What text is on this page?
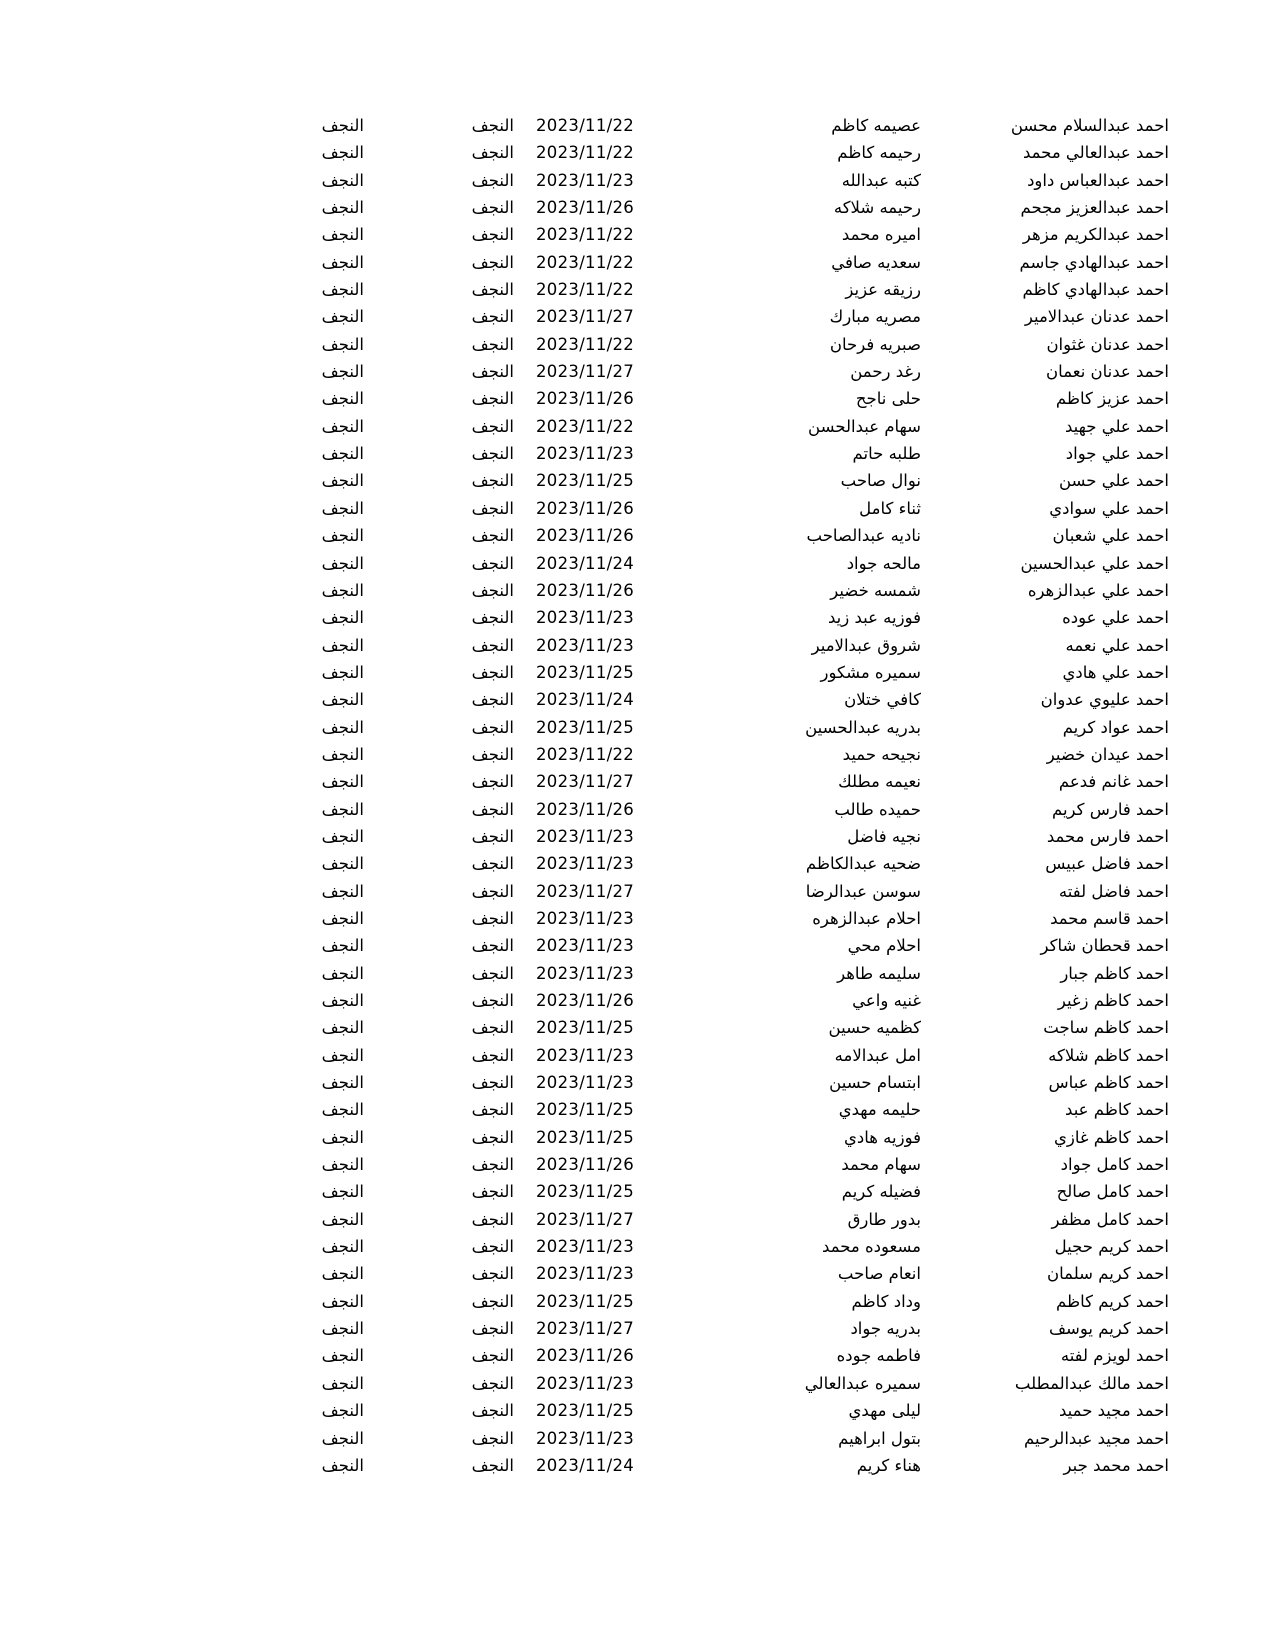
احمد عبدالسلام محسن
عصيمه كاظم
2023/11/22
النجف
النجف
احمد عبدالعالي محمد
رحيمه كاظم
2023/11/22
النجف
النجف
احمد عبدالعباس داود
كتبه عبدالله
2023/11/23
النجف
النجف
احمد عبدالعزيز مجحم
رحيمه شلاكه
2023/11/26
النجف
النجف
احمد عبدالكريم مزهر
اميره محمد
2023/11/22
النجف
النجف
احمد عبدالهادي جاسم
سعديه صافي
2023/11/22
النجف
النجف
احمد عبدالهادي كاظم
رزيقه عزيز
2023/11/22
النجف
النجف
احمد عدنان عبدالامير
مصريه مبارك
2023/11/27
النجف
النجف
احمد عدنان غثوان
صبريه فرحان
2023/11/22
النجف
النجف
احمد عدنان نعمان
رغد رحمن
2023/11/27
النجف
النجف
احمد عزيز كاظم
حلى ناجح
2023/11/26
النجف
النجف
احمد علي جهيد
سهام عبدالحسن
2023/11/22
النجف
النجف
احمد علي جواد
طلبه حاتم
2023/11/23
النجف
النجف
احمد علي حسن
نوال صاحب
2023/11/25
النجف
النجف
احمد علي سوادي
ثناء كامل
2023/11/26
النجف
النجف
احمد علي شعبان
ناديه عبدالصاحب
2023/11/26
النجف
النجف
احمد علي عبدالحسين
مالحه جواد
2023/11/24
النجف
النجف
احمد علي عبدالزهره
شمسه خضير
2023/11/26
النجف
النجف
احمد علي عوده
فوزيه عبد زيد
2023/11/23
النجف
النجف
احمد علي نعمه
شروق عبدالامير
2023/11/23
النجف
النجف
احمد علي هادي
سميره مشكور
2023/11/25
النجف
النجف
احمد عليوي عدوان
كافي ختلان
2023/11/24
النجف
النجف
احمد عواد كريم
بدريه عبدالحسين
2023/11/25
النجف
النجف
احمد عيدان خضير
نجيحه حميد
2023/11/22
النجف
النجف
احمد غانم فدعم
نعيمه مطلك
2023/11/27
النجف
النجف
احمد فارس كريم
حميده طالب
2023/11/26
النجف
النجف
احمد فارس محمد
نجيه فاضل
2023/11/23
النجف
النجف
احمد فاضل عبيس
ضحيه عبدالكاظم
2023/11/23
النجف
النجف
احمد فاضل لفته
سوسن عبدالرضا
2023/11/27
النجف
النجف
احمد قاسم محمد
احلام عبدالزهره
2023/11/23
النجف
النجف
احمد قحطان شاكر
احلام محي
2023/11/23
النجف
النجف
احمد كاظم جبار
سليمه طاهر
2023/11/23
النجف
النجف
احمد كاظم زغير
غنيه واعي
2023/11/26
النجف
النجف
احمد كاظم ساجت
كظميه حسين
2023/11/25
النجف
النجف
احمد كاظم شلاكه
امل عبدالامه
2023/11/23
النجف
النجف
احمد كاظم عباس
ابتسام حسين
2023/11/23
النجف
النجف
احمد كاظم عبد
حليمه مهدي
2023/11/25
النجف
النجف
احمد كاظم غازي
فوزيه هادي
2023/11/25
النجف
النجف
احمد كامل جواد
سهام محمد
2023/11/26
النجف
النجف
احمد كامل صالح
فضيله كريم
2023/11/25
النجف
النجف
احمد كامل مظفر
بدور طارق
2023/11/27
النجف
النجف
احمد كريم حجيل
مسعوده محمد
2023/11/23
النجف
النجف
احمد كريم سلمان
انعام صاحب
2023/11/23
النجف
النجف
احمد كريم كاظم
وداد كاظم
2023/11/25
النجف
النجف
احمد كريم يوسف
بدريه جواد
2023/11/27
النجف
النجف
احمد لويزم لفته
فاطمه جوده
2023/11/26
النجف
النجف
احمد مالك عبدالمطلب
سميره عبدالعالي
2023/11/23
النجف
النجف
احمد مجيد حميد
ليلى مهدي
2023/11/25
النجف
النجف
احمد مجيد عبدالرحيم
بتول ابراهيم
2023/11/23
النجف
النجف
احمد محمد جبر
هناء كريم
2023/11/24
النجف
النجف
